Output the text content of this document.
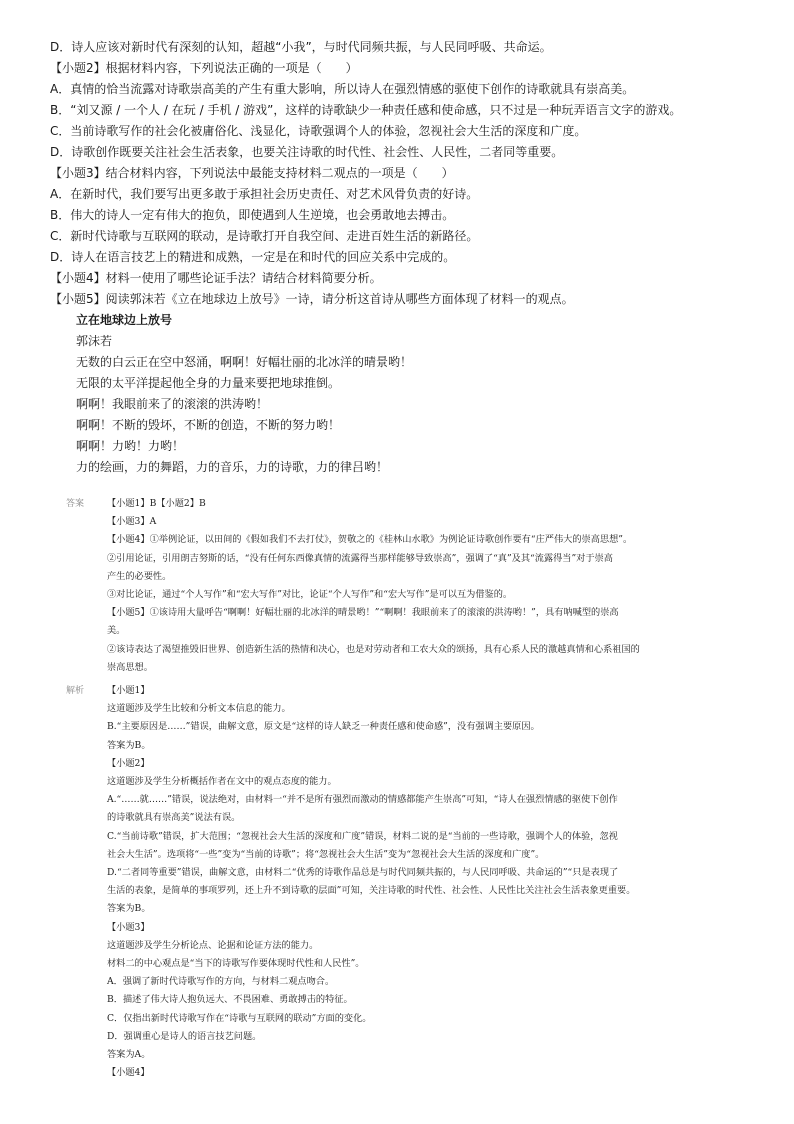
D．诗人应该对新时代有深刻的认知，超越“小我”，与时代同频共振，与人民同呼吸、共命运。
【小题2】根据材料内容，下列说法正确的一项是（　　）
A．真情的恰当流露对诗歌崇高美的产生有重大影响，所以诗人在强烈情感的驱使下创作的诗歌就具有崇高美。
B．“刘又源 / 一个人 / 在玩 / 手机 / 游戏”，这样的诗歌缺少一种责任感和使命感，只不过是一种玩弄语言文字的游戏。
C．当前诗歌写作的社会化被庸俗化、浅显化，诗歌强调个人的体验，忽视社会大生活的深度和广度。
D．诗歌创作既要关注社会生活表象，也要关注诗歌的时代性、社会性、人民性，二者同等重要。
【小题3】结合材料内容，下列说法中最能支持材料二观点的一项是（　　）
A．在新时代，我们要写出更多敢于承担社会历史责任、对艺术风骨负责的好诗。
B．伟大的诗人一定有伟大的抱负，即使遇到人生逆境，也会勇敢地去搏击。
C．新时代诗歌与互联网的联动，是诗歌打开自我空间、走进百姓生活的新路径。
D．诗人在语言技艺上的精进和成熟，一定是在和时代的回应关系中完成的。
【小题4】材料一使用了哪些论证手法？请结合材料简要分析。
【小题5】阅读郭沫若《立在地球边上放号》一诗，请分析这首诗从哪些方面体现了材料一的观点。
立在地球边上放号
郭沫若
无数的白云正在空中怒涌，啊啊！好幅壮丽的北冰洋的晴景哟！
无限的太平洋提起他全身的力量来要把地球推倒。
啊啊！我眼前来了的滚滚的洪涛哟！
啊啊！不断的毁坏，不断的创造，不断的努力哟！
啊啊！力哟！力哟！
力的绘画，力的舞蹈，力的音乐，力的诗歌，力的律吕哟！
答案 【小题1】B【小题2】B
【小题3】A
【小题4】①举例论证，以田间的《假如我们不去打仗》，贺敬之的《桂林山水歌》为例论证诗歌创作要有“庄严伟大的崇高思想”。
②引用论证，引用朗吉努斯的话，“没有任何东西像真情的流露得当那样能够导致崇高”，强调了“真”及其“流露得当”对于崇高
产生的必要性。
③对比论证，通过“个人写作”和“宏大写作”对比，论证“个人写作”和“宏大写作”是可以互为借鉴的。
【小题5】①该诗用大量呼告“啊啊！好幅壮丽的北冰洋的晴景哟！”“啊啊！我眼前来了的滚滚的洪涛哟！”，具有呐喊型的崇高
美。
②该诗表达了渴望推毁旧世界、创造新生活的热情和决心，也是对劳动者和工农大众的颂扬，具有心系人民的激越真情和心系祖国的
崇高思想。
解析 【小题1】
这道题涉及学生比较和分析文本信息的能力。
B.“主要原因是……”错误，曲解文意，原文是“这样的诗人缺乏一种责任感和使命感”，没有强调主要原因。
答案为B。
【小题2】
这道题涉及学生分析概括作者在文中的观点态度的能力。
A.“……就……”错误，说法绝对，由材料一“并不是所有强烈而激动的情感都能产生崇高”可知，“诗人在强烈情感的驱使下创作
的诗歌就具有崇高美”说法有误。
C.“当前诗歌”错误，扩大范围；“忽视社会大生活的深度和广度”错误，材料二说的是“当前的一些诗歌，强调个人的体验，忽视
社会大生活”。选项将“一些”变为“当前的诗歌”；将“忽视社会大生活”变为“忽视社会大生活的深度和广度”。
D.“二者同等重要”错误，曲解文意，由材料二“优秀的诗歌作品总是与时代同频共振的，与人民同呼吸、共命运的”“只是表现了
生活的表象，是简单的事项罗列，还上升不到诗歌的层面”可知，关注诗歌的时代性、社会性、人民性比关注社会生活表象更重要。
答案为B。
【小题3】
这道题涉及学生分析论点、论据和论证方法的能力。
材料二的中心观点是“当下的诗歌写作要体现时代性和人民性”。
A．强调了新时代诗歌写作的方向，与材料二观点吻合。
B．描述了伟大诗人抱负远大、不畏困难、勇敢搏击的特征。
C．仅指出新时代诗歌写作在“诗歌与互联网的联动”方面的变化。
D．强调重心是诗人的语言技艺问题。
答案为A。
【小题4】
